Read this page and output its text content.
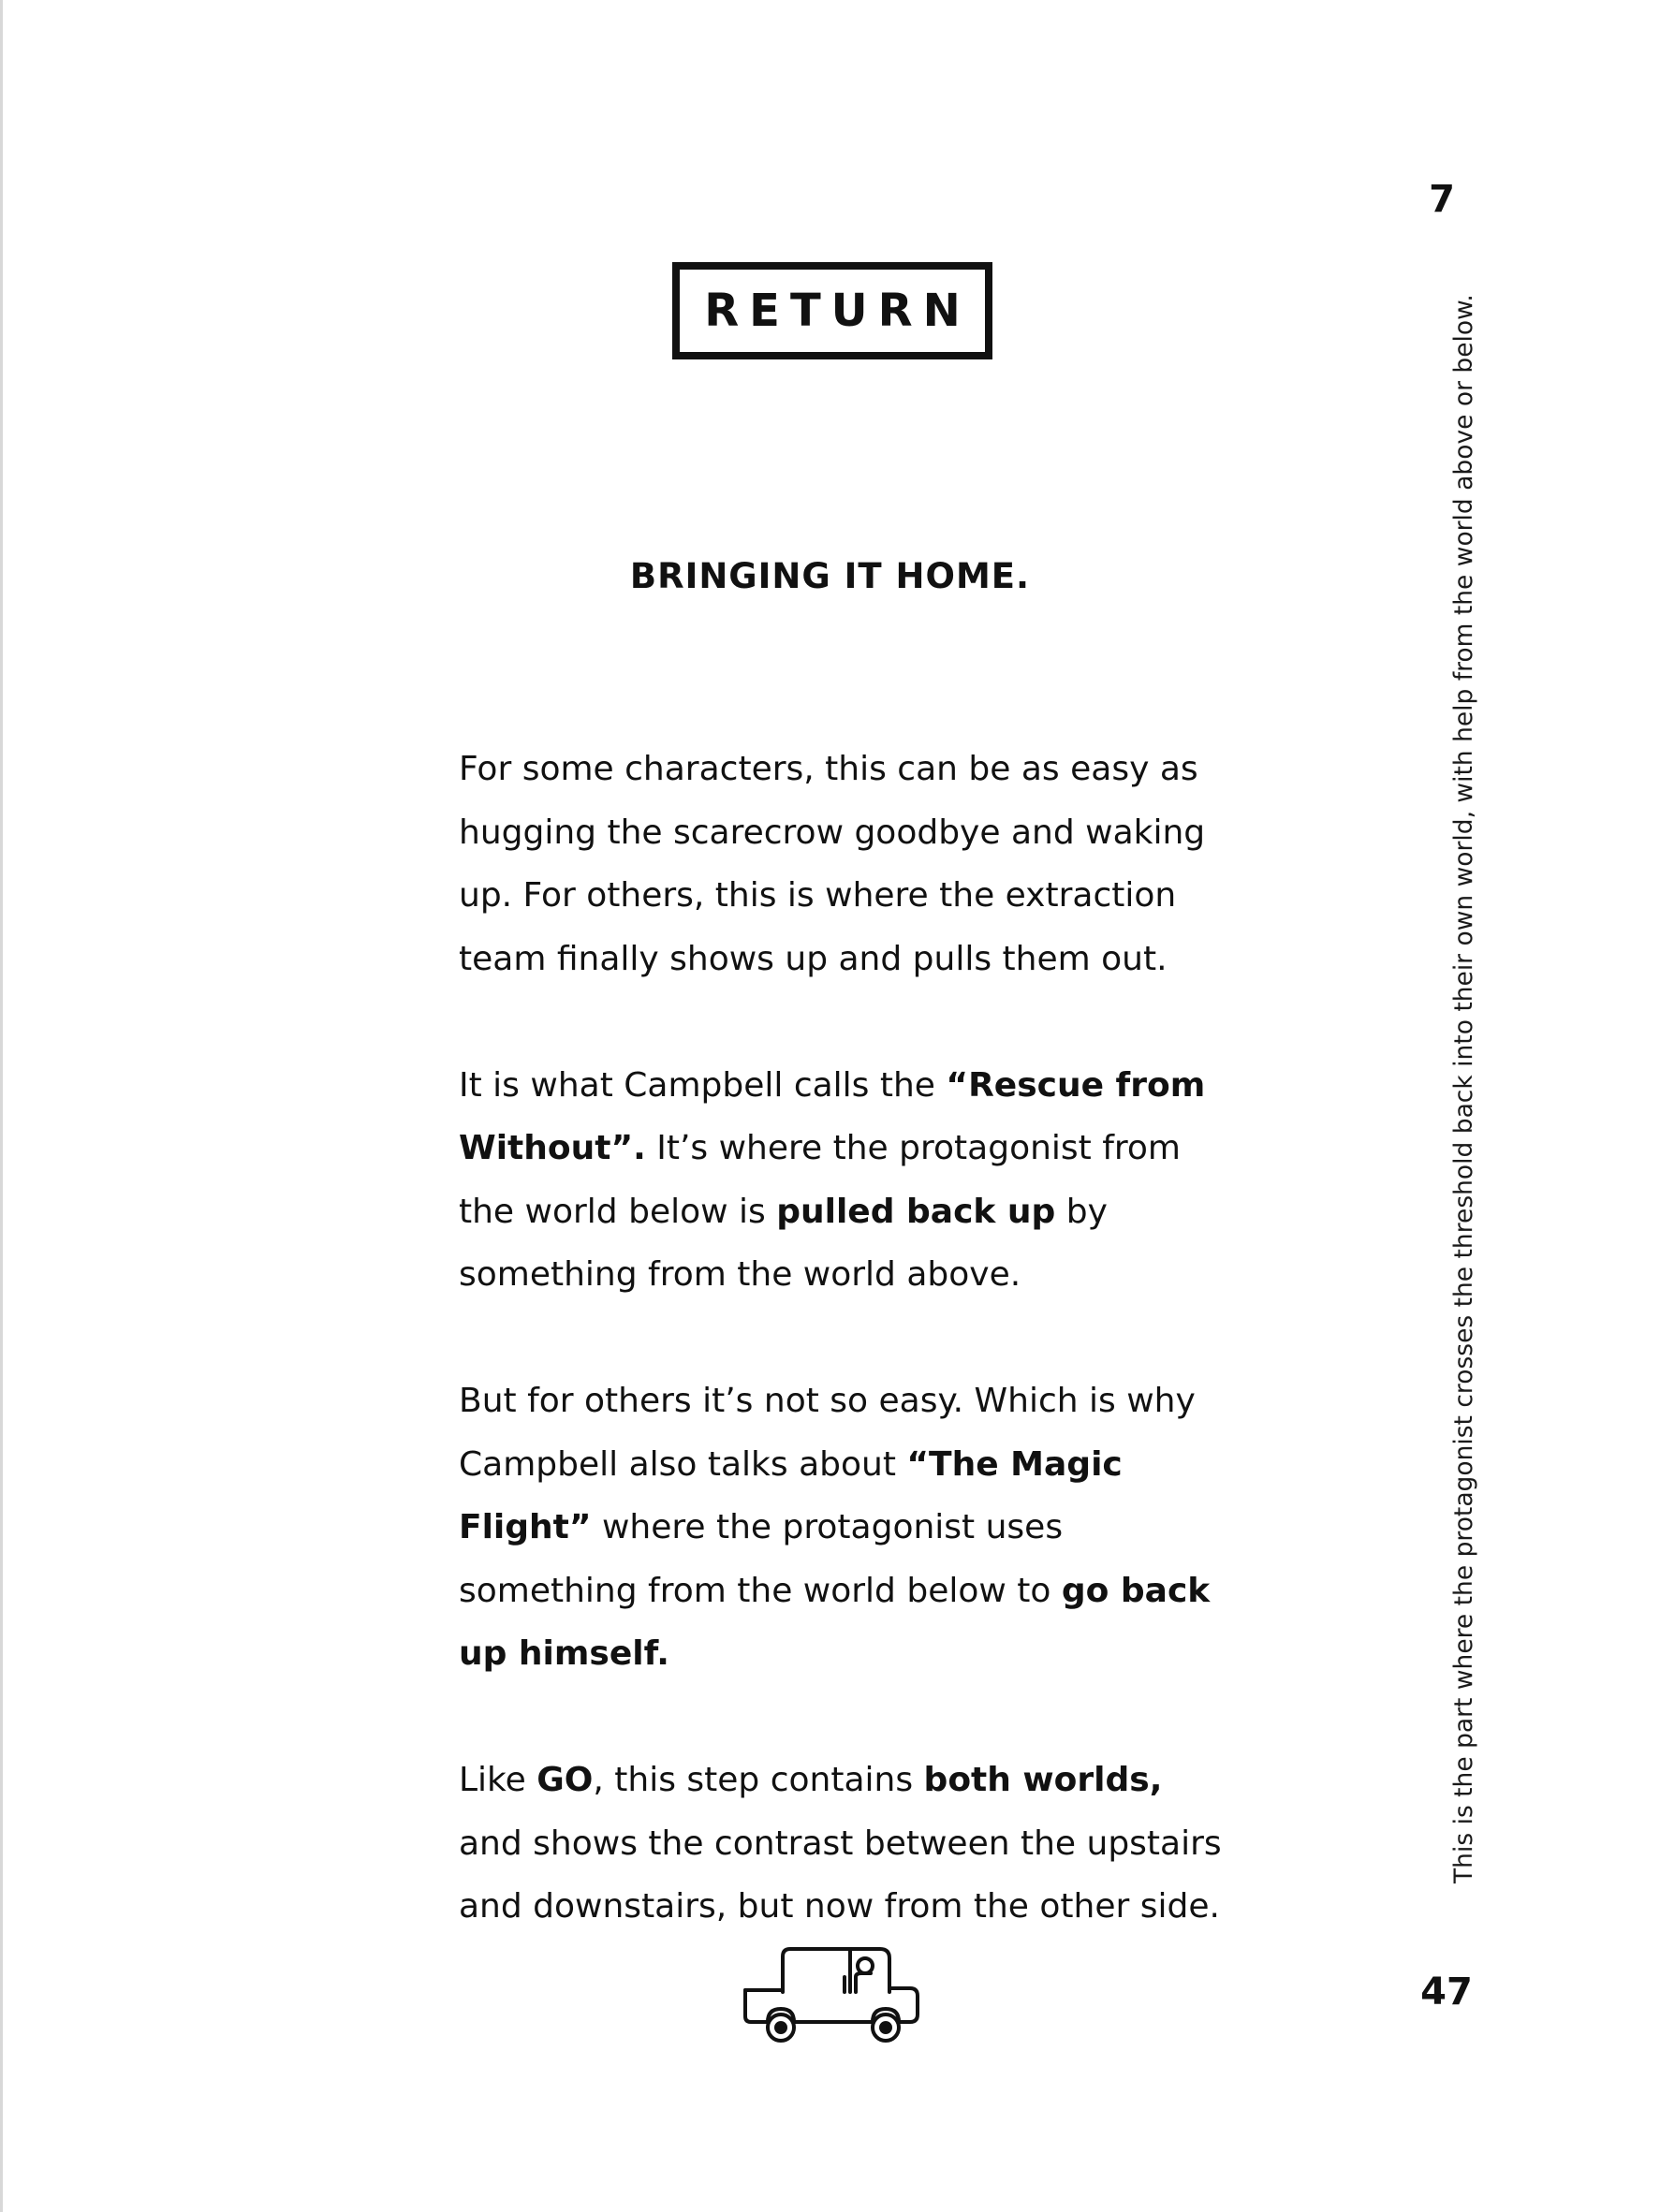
7
RETURN
BRINGING IT HOME.

For some characters, this can be as easy as hugging the scarecrow goodbye and waking up. For others, this is where the extraction team finally shows up and pulls them out.

It is what Campbell calls the “Rescue from Without”. It’s where the protagonist from the world below is pulled back up by something from the world above.

But for others it’s not so easy. Which is why Campbell also talks about “The Magic Flight” where the protagonist uses something from the world below to go back up himself.

Like GO, this step contains both worlds, and shows the contrast between the upstairs and downstairs, but now from the other side.

This is the part where the protagonist crosses the threshold back into their own world, with help from the world above or below.
47
